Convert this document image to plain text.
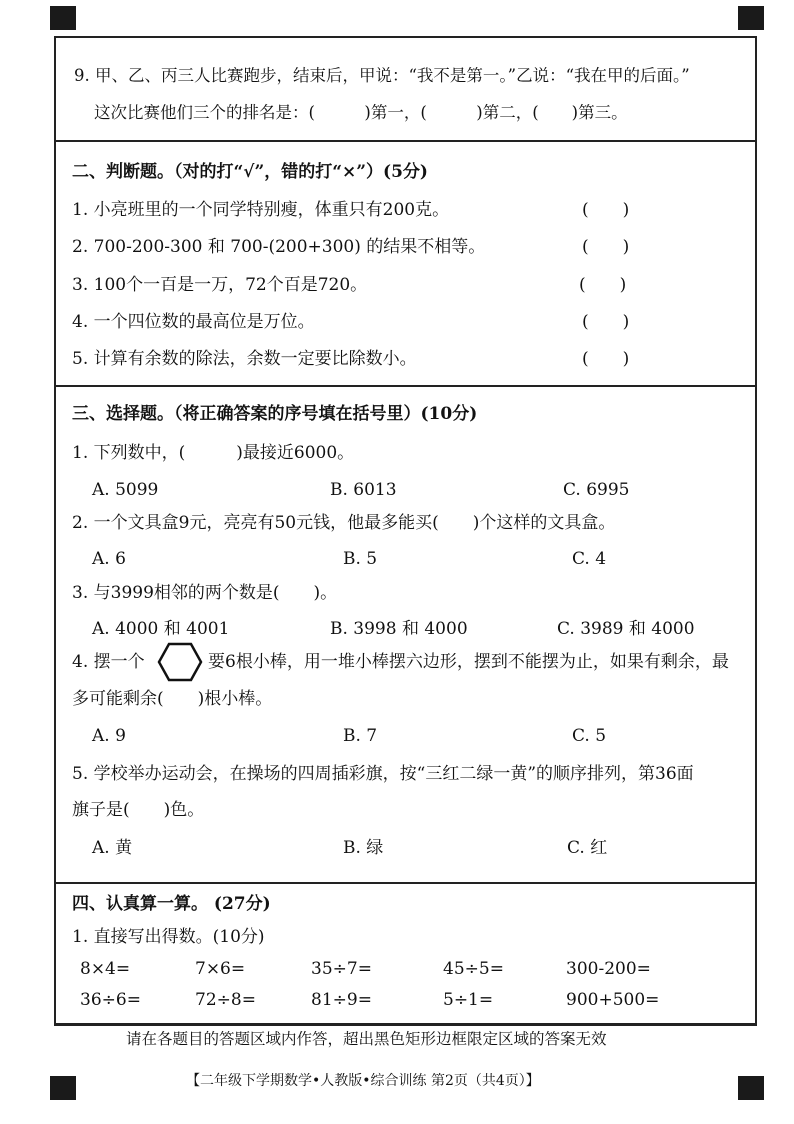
9. 甲、乙、丙三人比赛跑步，结束后，甲说：“我不是第一。”乙说：“我在甲的后面。”
这次比赛他们三个的排名是：(　　　)第一，(　　　)第二，(　　)第三。
二、判断题。（对的打“√”，错的打“×”）(5分)
1. 小亮班里的一个同学特别瘦，体重只有200克。	(　　)
2. 700-200-300 和 700-(200+300) 的结果不相等。	(　　)
3. 100个一百是一万，72个百是720。	(　　)
4. 一个四位数的最高位是万位。	(　　)
5. 计算有余数的除法，余数一定要比除数小。	(　　)
三、选择题。（将正确答案的序号填在括号里）(10分)
1. 下列数中，(　　　)最接近6000。
A. 5099	B. 6013	C. 6995
2. 一个文具盒9元，亮亮有50元钱，他最多能买(　　)个这样的文具盒。
A. 6	B. 5	C. 4
3. 与3999相邻的两个数是(　　)。
A. 4000 和 4001	B. 3998 和 4000	C. 3989 和 4000
4. 摆一个	要6根小棒，用一堆小棒摆六边形，摆到不能摆为止，如果有剩余，最
多可能剩余(　　)根小棒。
A. 9	B. 7	C. 5
5. 学校举办运动会，在操场的四周插彩旗，按“三红二绿一黄”的顺序排列，第36面
旗子是(　　)色。
A. 黄	B. 绿	C. 红
四、认真算一算。 (27分)
1. 直接写出得数。(10分)
8×4=	7×6=	35÷7=	45÷5=	300-200=
36÷6=	72÷8=	81÷9=	5÷1=	900+500=
请在各题目的答题区域内作答，超出黑色矩形边框限定区域的答案无效
【二年级下学期数学•人教版•综合训练 第2页（共4页）】
